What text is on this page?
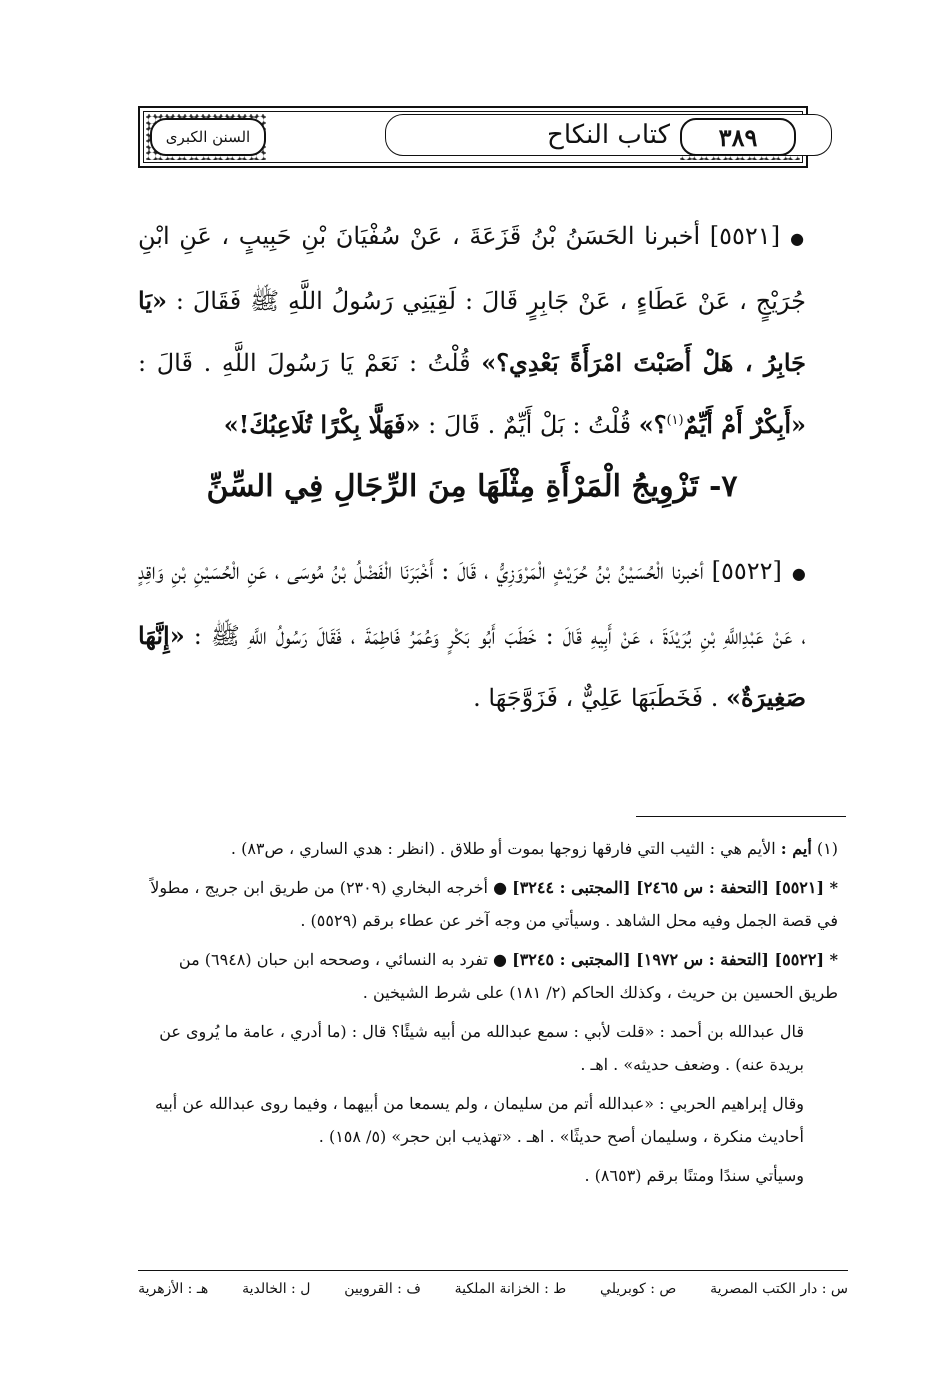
السنن الكبرى	كتاب النكاح	٣٨٩
●[٥٥٢١] أخبرنا الحَسَنُ بْنُ قَزَعَةَ ، عَنْ سُفْيَانَ بْنِ حَبِيبٍ ، عَنِ ابْنِ جُرَيْجٍ ، عَنْ عَطَاءٍ ، عَنْ جَابِرٍ قَالَ : لَقِيَنِي رَسُولُ اللَّهِ ﷺ فَقَالَ : «يَا جَابِرُ ، هَلْ أَصَبْتَ امْرَأَةً بَعْدِي؟» قُلْتُ : نَعَمْ يَا رَسُولَ اللَّهِ . قَالَ : «أَبِكْرٌ أَمْ أَيِّمٌ$^{(١)}$؟» قُلْتُ : بَلْ أَيِّمٌ . قَالَ : «فَهَلَّا بِكْرًا تُلَاعِبُكَ!»
٧- تَزْوِيجُ الْمَرْأَةِ مِثْلَهَا مِنَ الرِّجَالِ فِي السِّنِّ
●[٥٥٢٢] أخبرنا الْحُسَيْنُ بْنُ حُرَيْثٍ الْمَرْوَزِيُّ ، قَالَ : أَخْبَرَنَا الْفَضْلُ بْنُ مُوسَى ، عَنِ الْحُسَيْنِ بْنِ وَاقِدٍ ، عَنْ عَبْدِاللَّهِ بْنِ بُرَيْدَةَ ، عَنْ أَبِيهِ قَالَ : خَطَبَ أَبُو بَكْرٍ وَعُمَرُ فَاطِمَةَ ، فَقَالَ رَسُولُ اللَّهِ ﷺ : «إِنَّهَا صَغِيرَةٌ» . فَخَطَبَهَا عَلِيٌّ ، فَزَوَّجَهَا .

(١) أيم : الأيم هي : الثيب التي فارقها زوجها بموت أو طلاق . (انظر : هدي الساري ، ص٨٣) .

* [٥٥٢١] [التحفة : س ٢٤٦٥] [المجتبى : ٣٢٤٤] ● أخرجه البخاري (٢٣٠٩) من طريق ابن جريج ، مطولاً في قصة الجمل وفيه محل الشاهد . وسيأتي من وجه آخر عن عطاء برقم (٥٥٢٩) .

* [٥٥٢٢] [التحفة : س ١٩٧٢] [المجتبى : ٣٢٤٥] ● تفرد به النسائي ، وصححه ابن حبان (٦٩٤٨) من طريق الحسين بن حريث ، وكذلك الحاكم (٢/ ١٨١) على شرط الشيخين .

قال عبدالله بن أحمد : «قلت لأبي : سمع عبدالله من أبيه شيئًا؟ قال : (ما أدري ، عامة ما يُروى عن بريدة عنه) . وضعف حديثه» . اهـ .

وقال إبراهيم الحربي : «عبدالله أتم من سليمان ، ولم يسمعا من أبيهما ، وفيما روى عبدالله عن أبيه أحاديث منكرة ، وسليمان أصح حديثًا» . اهـ . «تهذيب ابن حجر» (٥/ ١٥٨) .

وسيأتي سندًا ومتنًا برقم (٨٦٥٣) .

س : دار الكتب المصرية
ص : كوبريلي
ط : الخزانة الملكية
ف : القرويين
ل : الخالدية
هـ : الأزهرية
